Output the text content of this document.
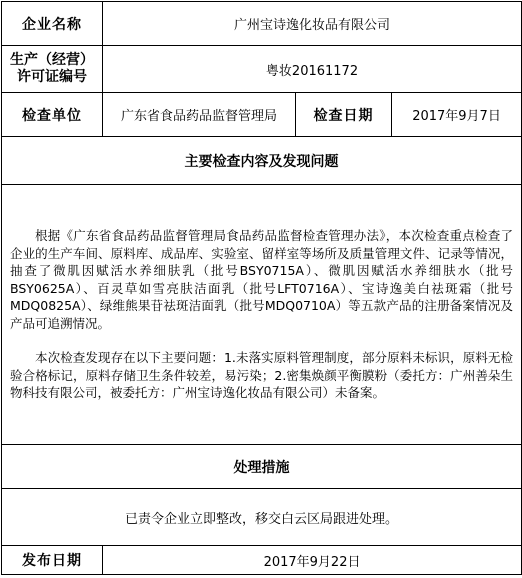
企业名称	广州宝诗逸化妆品有限公司		

生产（经营）
许可证编号	粤妆20161172		
检查单位	广东省食品药品监督管理局	检查日期	2017年9月7日
主要检查内容及发现问题			

根据《广东省食品药品监督管理局食品药品监督检查管理办法》，本次检查重点检查了企业的生产车间、原料库、成品库、实验室、留样室等场所及质量管理文件、记录等情况，抽查了微肌因赋活水养细肤乳（批号BSY0715A）、微肌因赋活水养细肤水（批号BSY0625A）、百灵草如雪亮肤洁面乳（批号LFT0716A）、宝诗逸美白祛斑霜（批号MDQ0825A）、绿维熊果苷祛斑洁面乳（批号MDQ0710A）等五款产品的注册备案情况及产品可追溯情况。

本次检查发现存在以下主要问题：1.未落实原料管理制度，部分原料未标识，原料无检验合格标记，原料存储卫生条件较差，易污染；2.密集焕颜平衡膜粉（委托方：广州善朵生物科技有限公司，被委托方：广州宝诗逸化妆品有限公司）未备案。			

处理措施			
已责令企业立即整改，移交白云区局跟进处理。			
发布日期	2017年9月22日		
